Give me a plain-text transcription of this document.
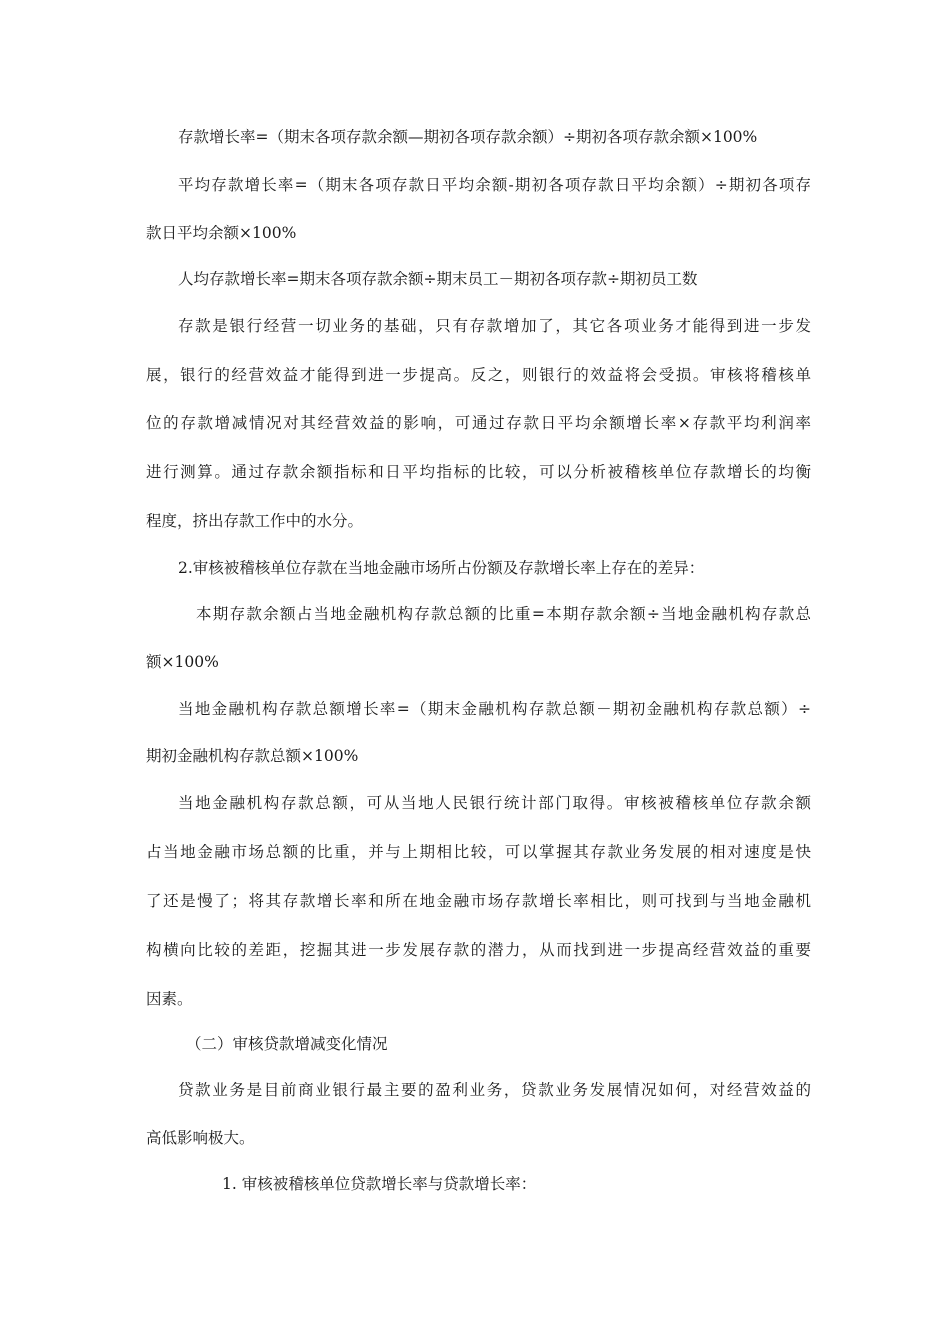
存款增长率=（期末各项存款余额—期初各项存款余额）÷期初各项存款余额×100%
平均存款增长率=（期末各项存款日平均余额-期初各项存款日平均余额）÷期初各项存
款日平均余额×100%
人均存款增长率=期末各项存款余额÷期末员工－期初各项存款÷期初员工数
存款是银行经营一切业务的基础，只有存款增加了，其它各项业务才能得到进一步发
展，银行的经营效益才能得到进一步提高。反之，则银行的效益将会受损。审核将稽核单
位的存款增减情况对其经营效益的影响，可通过存款日平均余额增长率×存款平均利润率
进行测算。通过存款余额指标和日平均指标的比较，可以分析被稽核单位存款增长的均衡
程度，挤出存款工作中的水分。
2.审核被稽核单位存款在当地金融市场所占份额及存款增长率上存在的差异：
本期存款余额占当地金融机构存款总额的比重=本期存款余额÷当地金融机构存款总
额×100%
当地金融机构存款总额增长率=（期末金融机构存款总额－期初金融机构存款总额）÷
期初金融机构存款总额×100%
当地金融机构存款总额，可从当地人民银行统计部门取得。审核被稽核单位存款余额
占当地金融市场总额的比重，并与上期相比较，可以掌握其存款业务发展的相对速度是快
了还是慢了；将其存款增长率和所在地金融市场存款增长率相比，则可找到与当地金融机
构横向比较的差距，挖掘其进一步发展存款的潜力，从而找到进一步提高经营效益的重要
因素。
（二）审核贷款增减变化情况
贷款业务是目前商业银行最主要的盈利业务，贷款业务发展情况如何，对经营效益的
高低影响极大。
1. 审核被稽核单位贷款增长率与贷款增长率：
